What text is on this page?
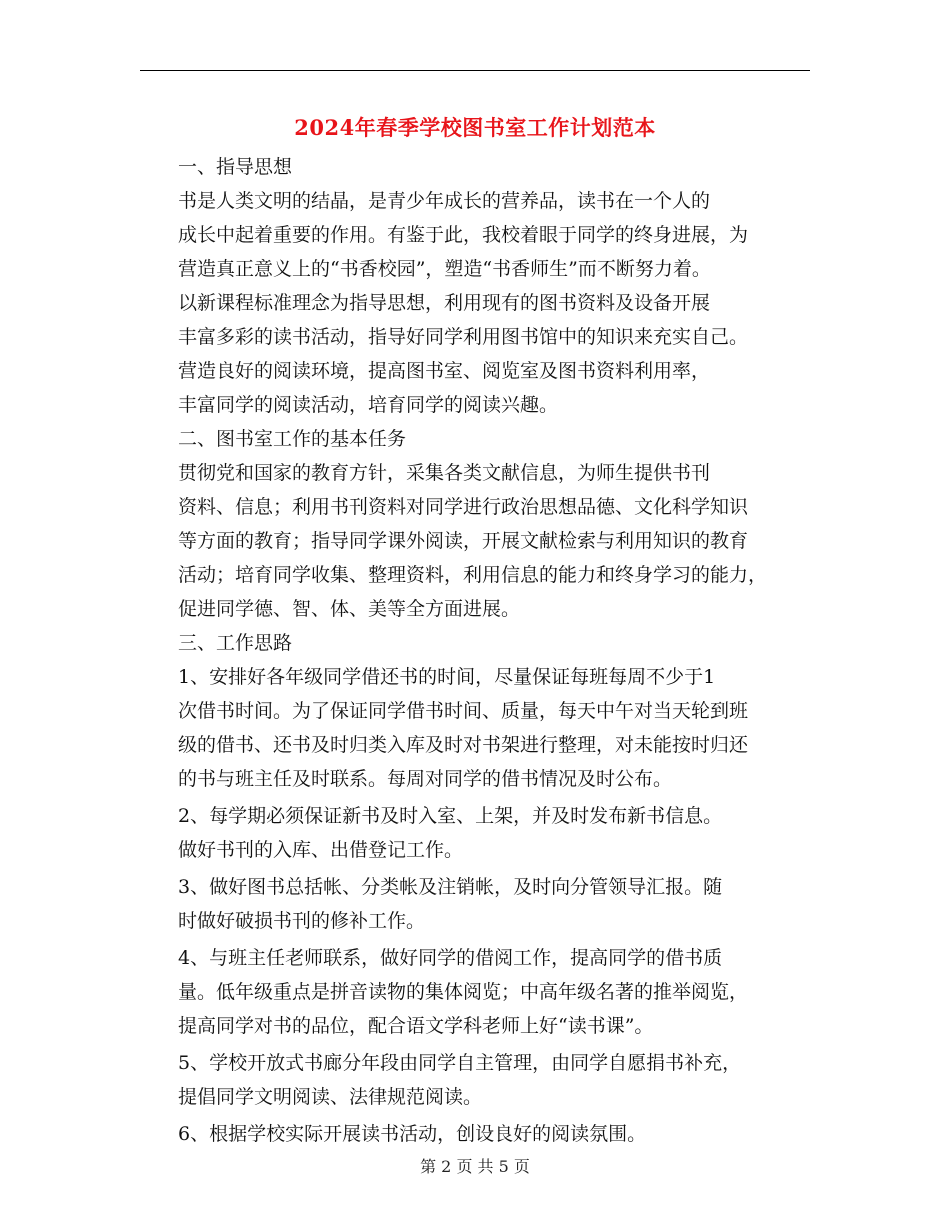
2024年春季学校图书室工作计划范本

一、指导思想

书是人类文明的结晶，是青少年成长的营养品，读书在一个人的
成长中起着重要的作用。有鉴于此，我校着眼于同学的终身进展，为
营造真正意义上的“书香校园”，塑造“书香师生”而不断努力着。

以新课程标准理念为指导思想，利用现有的图书资料及设备开展
丰富多彩的读书活动，指导好同学利用图书馆中的知识来充实自己。

营造良好的阅读环境，提高图书室、阅览室及图书资料利用率，
丰富同学的阅读活动，培育同学的阅读兴趣。

二、图书室工作的基本任务

贯彻党和国家的教育方针，采集各类文献信息，为师生提供书刊
资料、信息；利用书刊资料对同学进行政治思想品德、文化科学知识
等方面的教育；指导同学课外阅读，开展文献检索与利用知识的教育
活动；培育同学收集、整理资料，利用信息的能力和终身学习的能力，
促进同学德、智、体、美等全方面进展。

三、工作思路

1、安排好各年级同学借还书的时间，尽量保证每班每周不少于1
次借书时间。为了保证同学借书时间、质量，每天中午对当天轮到班
级的借书、还书及时归类入库及时对书架进行整理，对未能按时归还
的书与班主任及时联系。每周对同学的借书情况及时公布。

2、每学期必须保证新书及时入室、上架，并及时发布新书信息。
做好书刊的入库、出借登记工作。

3、做好图书总括帐、分类帐及注销帐，及时向分管领导汇报。随
时做好破损书刊的修补工作。

4、与班主任老师联系，做好同学的借阅工作，提高同学的借书质
量。低年级重点是拼音读物的集体阅览；中高年级名著的推举阅览，
提高同学对书的品位，配合语文学科老师上好“读书课”。

5、学校开放式书廊分年段由同学自主管理，由同学自愿捐书补充，
提倡同学文明阅读、法律规范阅读。

6、根据学校实际开展读书活动，创设良好的阅读氛围。

第 2 页 共 5 页
